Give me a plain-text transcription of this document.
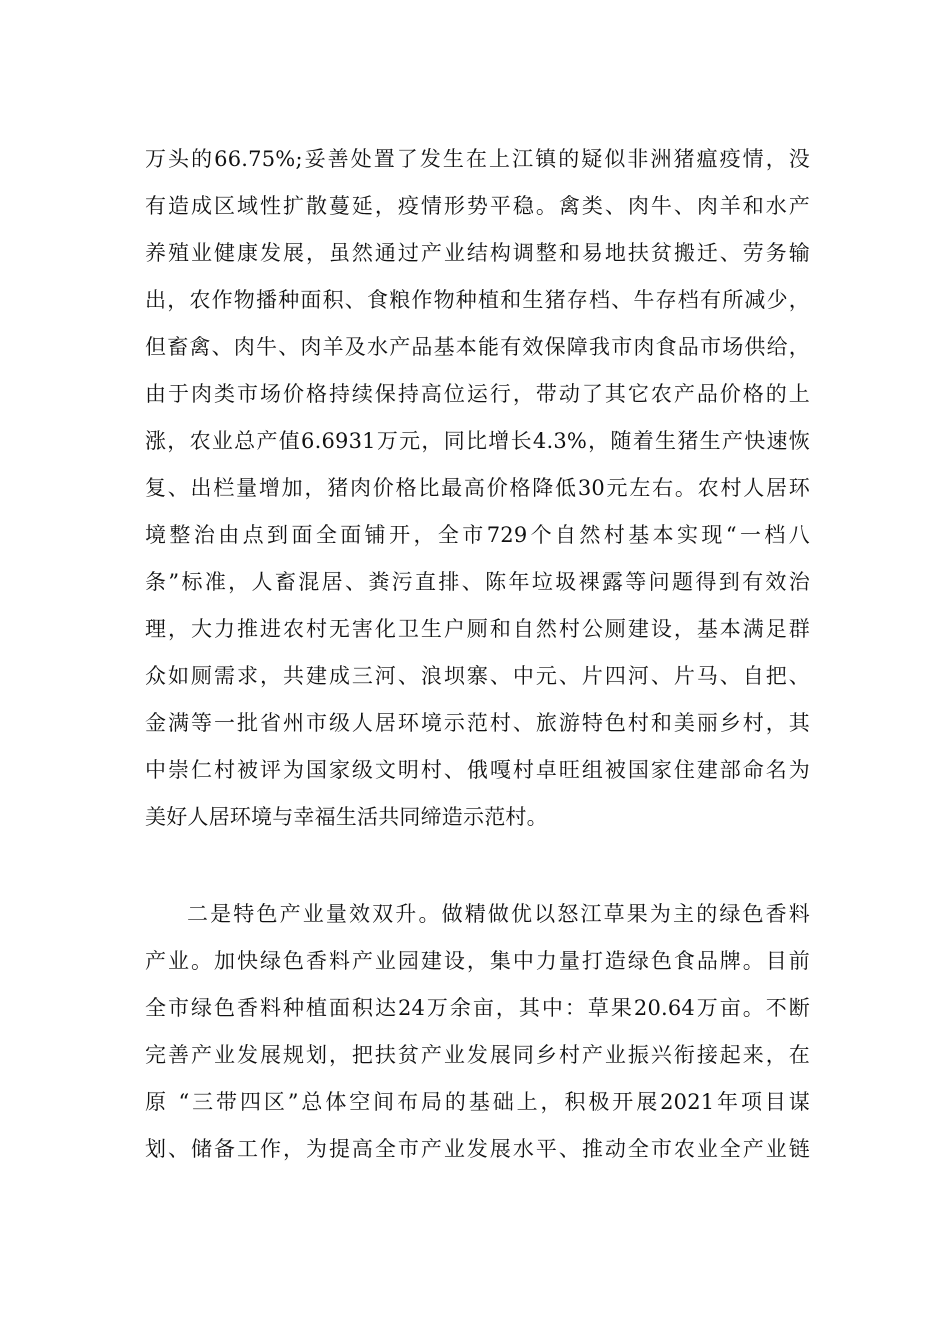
万头的66.75%;妥善处置了发生在上江镇的疑似非洲猪瘟疫情，没
有造成区域性扩散蔓延，疫情形势平稳。禽类、肉牛、肉羊和水产
养殖业健康发展，虽然通过产业结构调整和易地扶贫搬迁、劳务输
出，农作物播种面积、食粮作物种植和生猪存档、牛存档有所减少，
但畜禽、肉牛、肉羊及水产品基本能有效保障我市肉食品市场供给，
由于肉类市场价格持续保持高位运行，带动了其它农产品价格的上
涨，农业总产值6.6931万元，同比增长4.3%，随着生猪生产快速恢
复、出栏量增加，猪肉价格比最高价格降低30元左右。农村人居环
境整治由点到面全面铺开，全市729个自然村基本实现“一档八
条”标准，人畜混居、粪污直排、陈年垃圾裸露等问题得到有效治
理，大力推进农村无害化卫生户厕和自然村公厕建设，基本满足群
众如厕需求，共建成三河、浪坝寨、中元、片四河、片马、自把、
金满等一批省州市级人居环境示范村、旅游特色村和美丽乡村，其
中崇仁村被评为国家级文明村、俄嘎村卓旺组被国家住建部命名为
美好人居环境与幸福生活共同缔造示范村。
二是特色产业量效双升。做精做优以怒江草果为主的绿色香料
产业。加快绿色香料产业园建设，集中力量打造绿色食品牌。目前
全市绿色香料种植面积达24万余亩，其中：草果20.64万亩。不断
完善产业发展规划，把扶贫产业发展同乡村产业振兴衔接起来，在
原 “三带四区”总体空间布局的基础上，积极开展2021年项目谋
划、储备工作，为提高全市产业发展水平、推动全市农业全产业链
